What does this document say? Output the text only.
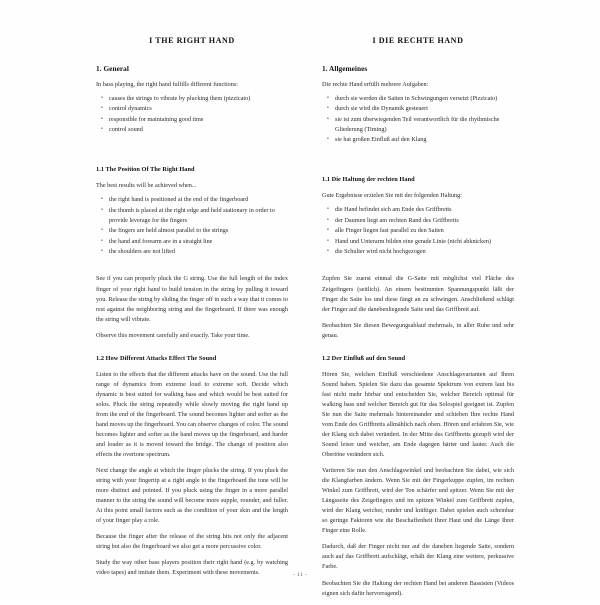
I THE RIGHT HAND
1. General

In bass playing, the right hand fulfills different functions:

• causes the strings to vibrate by plucking them (pizzicato)
• control dynamics
• responsible for maintaining good time
• control sound
1.1 The Position Of The Right Hand

The best results will be achieved when...

• the right hand is positioned at the end of the fingerboard
• the thumb is placed at the right edge and held stationary in order to provide leverage for the fingers
• the fingers are held almost parallel to the strings
• the hand and forearm are in a straight line
• the shoulders are not lifted

See if you can properly pluck the G string. Use the full length of the index finger of your right hand to build tension in the string by pulling it toward you. Release the string by sliding the finger off in such a way that it comes to rest against the neighboring string and the fingerboard. If there was enough the string will vibrate.

Observe this movement carefully and exactly. Take your time.

1.2 How Different Attacks Effect The Sound

Listen to the effects that the different attacks have on the sound. Use the full range of dynamics from extreme loud to extreme soft. Decide which dynamic is best suited for walking bass and which would be best suited for solos. Pluck the string repeatedly while slowly moving the right hand up from the end of the fingerboard. The sound becomes lighter and softer as the hand moves up the fingerboard. You can observe changes of color. The sound becomes lighter and softer as the hand moves up the fingerboard, and harder and louder as it is moved toward the bridge. The change of position also effects the overtone spectrum.

Next change the angle at which the finger plucks the string. If you pluck the string with your fingertip at a right angle to the fingerboard the tone will be more distinct and pointed. If you pluck using the finger in a more parallel manner to the string the sound will become more supple, rounder, and fuller. At this point small factors such as the condition of your skin and the length of your finger play a role.

Because the finger after the release of the string hits not only the adjacent string but also the fingerboard we also get a more percussive color.

Study the way other bass players position their right hand (e.g. by watching video tapes) and imitate them. Experiment with these movements.

I DIE RECHTE HAND
1. Allgemeines

Die rechte Hand erfüllt mehrere Aufgaben:

• durch sie werden die Saiten in Schwingungen versetzt (Pizzicato)
• durch sie wird die Dynamik gesteuert
• sie ist zum überwiegenden Teil verantwortlich für die rhythmische Gliederung (Timing)
• sie hat großen Einfluß auf den Klang
1.1 Die Haltung der rechten Hand

Gute Ergebnisse erzielen Sie mit der folgenden Haltung:

• die Hand befindet sich am Ende des Griffbretts
• der Daumen liegt am rechten Rand des Griffbretts
• alle Finger liegen fast parallel zu den Saiten
• Hand und Unterarm bilden eine gerade Linie (nicht abknicken)
• die Schulter wird nicht hochgezogen

Zupfen Sie zuerst einmal die G-Saite mit möglichst viel Fläche des Zeigefingers (seitlich). An einem bestimmten Spannungspunkt läßt der Finger die Saite los und diese fängt an zu schwingen. Anschließend schlägt der Finger auf die danebenliegende Saite und das Griffbrett auf.

Beobachten Sie diesen Bewegungsablauf mehrmals, in aller Ruhe und sehr genau.

1.2 Der Einfluß auf den Sound

Hören Sie, welchen Einfluß verschiedene Anschlagsvarianten auf Ihren Sound haben. Spielen Sie dazu das gesamte Spektrum von extrem laut bis fast nicht mehr hörbar und entscheiden Sie, welcher Bereich optimal für walking bass und welcher Bereich gut für das Solospiel geeignet ist. Zupfen Sie nun die Saite mehrmals hintereinander und schieben Ihre rechte Hand vom Ende des Griffbretts allmählich nach oben. Hören und erfahren Sie, wie der Klang sich dabei verändert. In der Mitte des Griffbretts gezupft wird der Sound leiser und weicher, am Ende dagegen härter und lauter. Auch die Obertöne verändern sich.

Variieren Sie nun den Anschlagswinkel und beobachten Sie dabei, wie sich die Klangfarben ändern. Wenn Sie mit der Fingerkuppe zupfen, im rechten Winkel zum Griffbrett, wird der Ton schärfer und spitzer. Wenn Sie mit der Längsseite des Zeigefingers und im spitzen Winkel zum Griffbrett zupfen, wird der Klang weicher, runder und kräftiger. Dabei spielen auch scheinbar so geringe Faktoren wie die Beschaffenheit Ihrer Haut und die Länge Ihrer Finger eine Rolle.

Dadurch, daß der Finger nicht nur auf die daneben liegende Saite, sondern auch auf das Griffbrett aufschlägt, erhält der Klang eine weitere, perkussive Farbe.

Beobachten Sie die Haltung der rechten Hand bei anderen Bassisten (Videos eignen sich dafür hervorragend).

- 11 -
